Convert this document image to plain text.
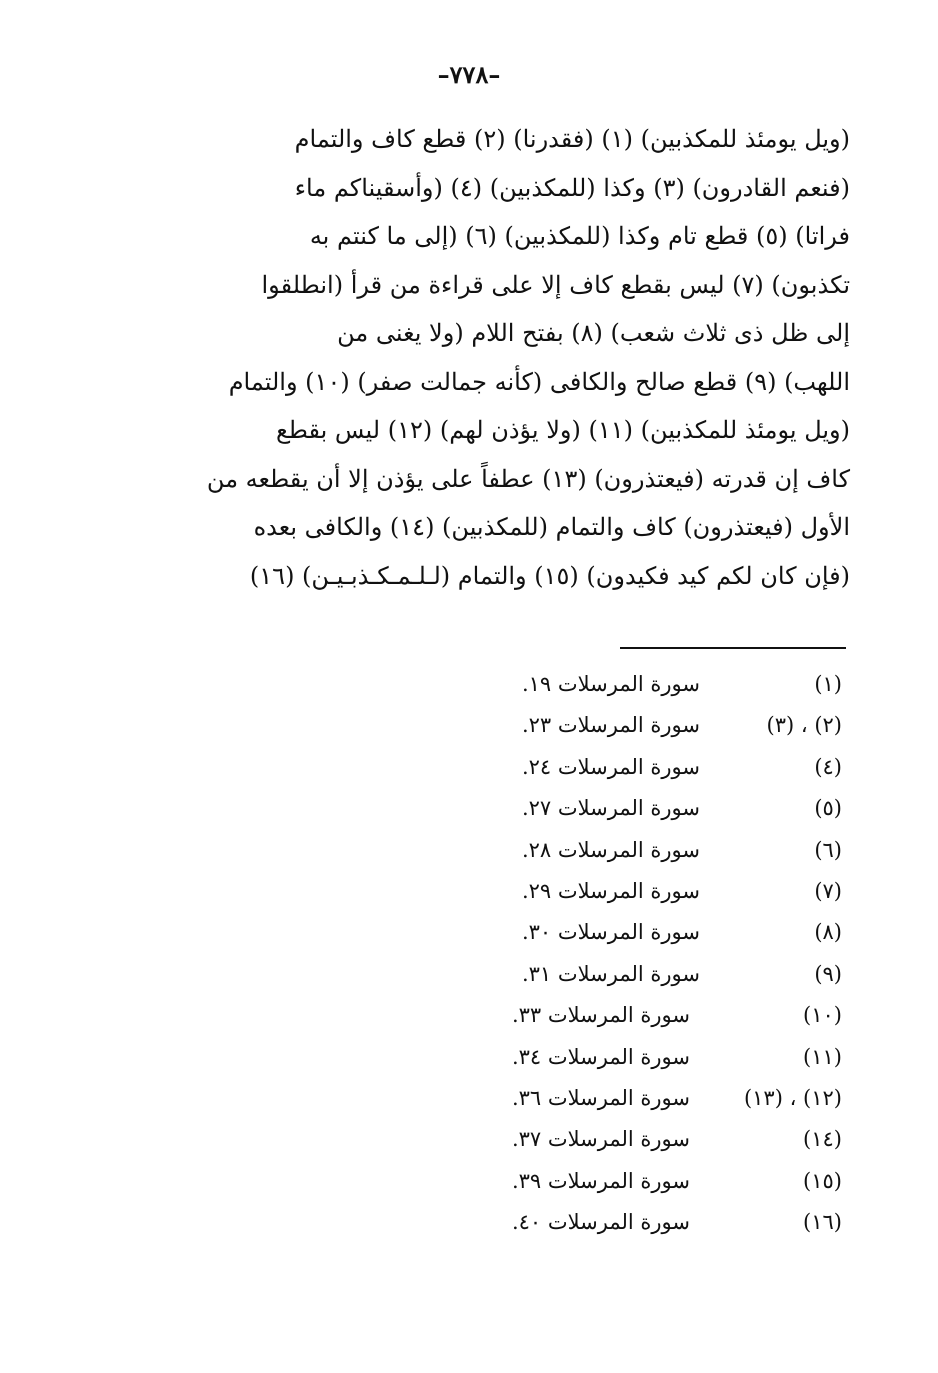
–٧٧٨–
(ويل يومئذ للمكذبين) (١) (فقدرنا) (٢) قطع كاف والتمام
(فنعم القادرون) (٣) وكذا (للمكذبين) (٤) (وأسقيناكم ماء
فراتا) (٥) قطع تام وكذا (للمكذبين) (٦) (إلى ما كنتم به
تكذبون) (٧) ليس بقطع كاف إلا على قراءة من قرأ (انطلقوا
إلى ظل ذى ثلاث شعب) (٨) بفتح اللام (ولا يغنى من
اللهب) (٩) قطع صالح والكافى (كأنه جمالت صفر) (١٠) والتمام
(ويل يومئذ للمكذبين) (١١) (ولا يؤذن لهم) (١٢) ليس بقطع
كاف إن قدرته (فيعتذرون) (١٣) عطفاً على يؤذن إلا أن يقطعه من
الأول (فيعتذرون) كاف والتمام (للمكذبين) (١٤) والكافى بعده
(فإن كان لكم كيد فكيدون) (١٥) والتمام (لـلـمـكـذبـيـن) (١٦)
(١)
سورة المرسلات ١٩.
(٢) ، (٣)
سورة المرسلات ٢٣.
(٤)
سورة المرسلات ٢٤.
(٥)
سورة المرسلات ٢٧.
(٦)
سورة المرسلات ٢٨.
(٧)
سورة المرسلات ٢٩.
(٨)
سورة المرسلات ٣٠.
(٩)
سورة المرسلات ٣١.
(١٠)
سورة المرسلات ٣٣.
(١١)
سورة المرسلات ٣٤.
(١٢) ، (١٣)
سورة المرسلات ٣٦.
(١٤)
سورة المرسلات ٣٧.
(١٥)
سورة المرسلات ٣٩.
(١٦)
سورة المرسلات ٤٠.
